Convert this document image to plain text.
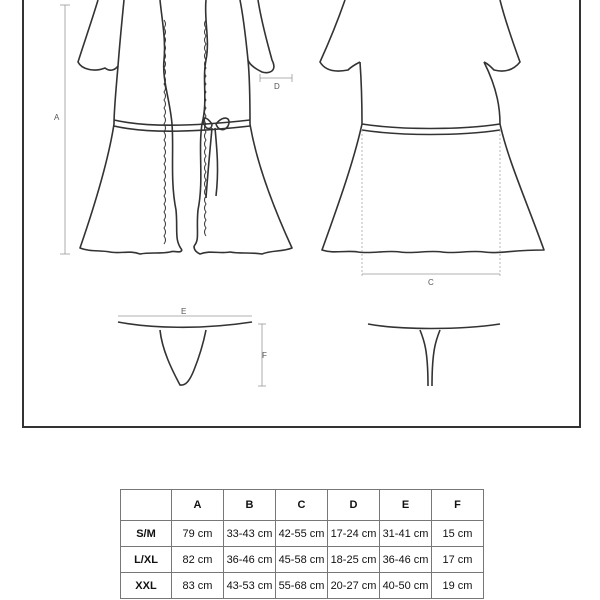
A
D
C
E
F
	A	B	C	D	E	F
S/M	79 cm	33-43 cm	42-55 cm	17-24 cm	31-41 cm	15 cm
L/XL	82 cm	36-46 cm	45-58 cm	18-25 cm	36-46 cm	17 cm
XXL	83 cm	43-53 cm	55-68 cm	20-27 cm	40-50 cm	19 cm
